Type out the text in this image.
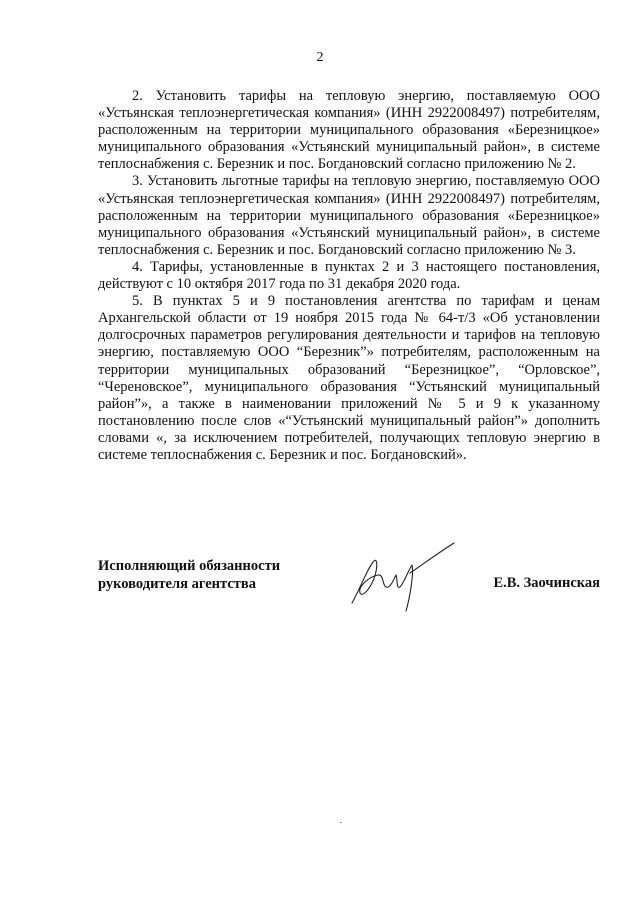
2

2. Установить тарифы на тепловую энергию, поставляемую ООО «Устьянская теплоэнергетическая компания» (ИНН 2922008497) потребителям, расположенным на территории муниципального образования «Березницкое» муниципального образования «Устьянский муниципальный район», в системе теплоснабжения с. Березник и пос. Богдановский согласно приложению № 2.

3. Установить льготные тарифы на тепловую энергию, поставляемую ООО «Устьянская теплоэнергетическая компания» (ИНН 2922008497) потребителям, расположенным на территории муниципального образования «Березницкое» муниципального образования «Устьянский муниципальный район», в системе теплоснабжения с. Березник и пос. Богдановский согласно приложению № 3.

4. Тарифы, установленные в пунктах 2 и 3 настоящего постановления, действуют с 10 октября 2017 года по 31 декабря 2020 года.

5. В пунктах 5 и 9 постановления агентства по тарифам и ценам Архангельской области от 19 ноября 2015 года № 64-т/3 «Об установлении долгосрочных параметров регулирования деятельности и тарифов на тепловую энергию, поставляемую ООО “Березник”» потребителям, расположенным на территории муниципальных образований “Березницкое”, “Орловское”, “Череновское”, муниципального образования “Устьянский муниципальный район”», а также в наименовании приложений № 5 и 9 к указанному постановлению после слов «“Устьянский муниципальный район”» дополнить словами «, за исключением потребителей, получающих тепловую энергию в системе теплоснабжения с. Березник и пос. Богдановский».

Исполняющий обязанности
руководителя агентства	Е.В. Заочинская
